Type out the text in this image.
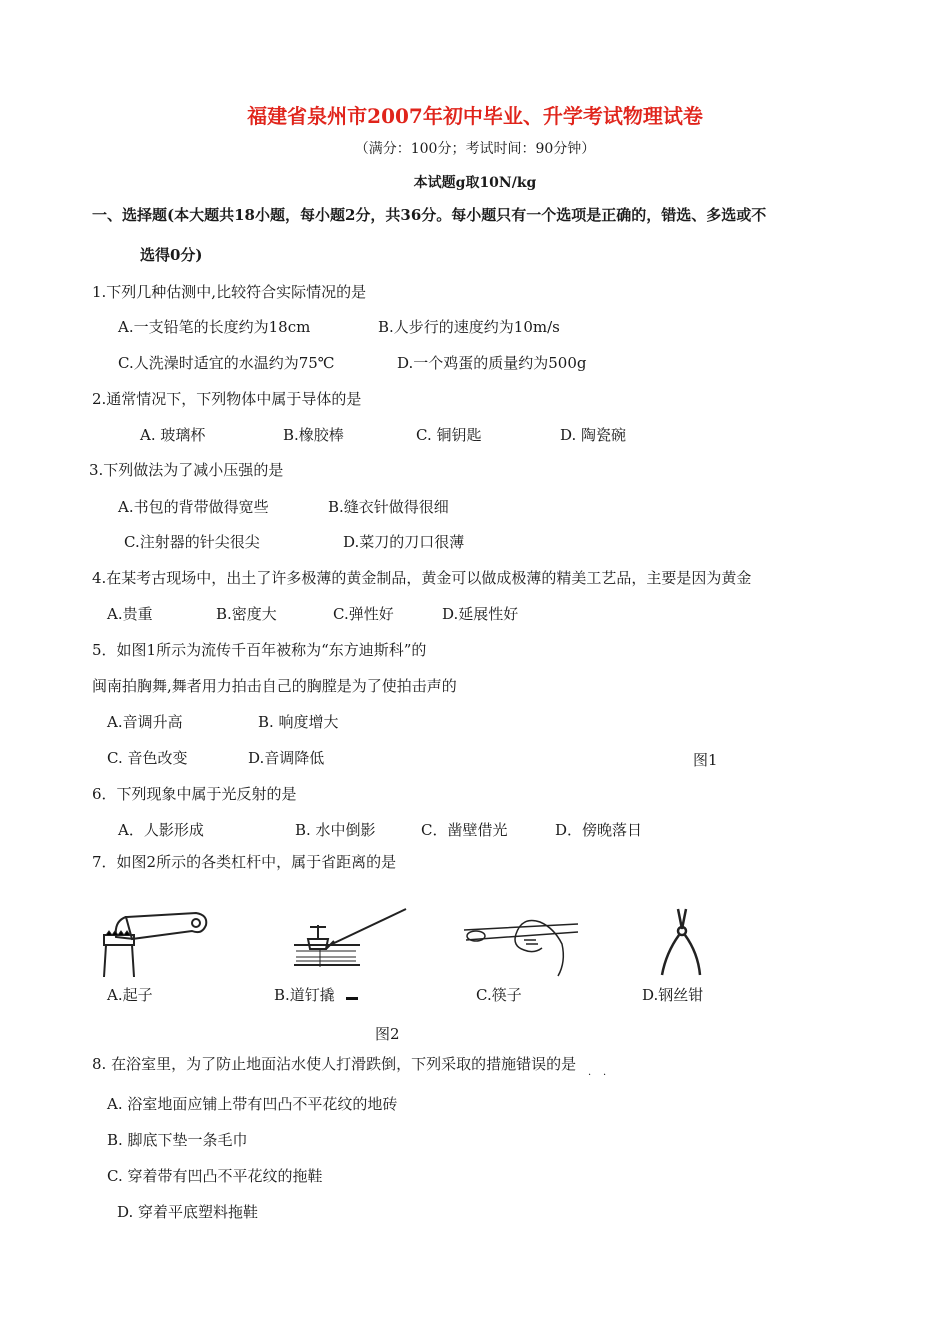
福建省泉州市2007年初中毕业、升学考试物理试卷
（满分：100分；考试时间：90分钟）
本试题g取10N/kg
一、选择题(本大题共18小题，每小题2分，共36分。每小题只有一个选项是正确的，错选、多选或不
选得0分)
1.下列几种估测中,比较符合实际情况的是
A.一支铅笔的长度约为18cm	B.人步行的速度约为10m/s
C.人洗澡时适宜的水温约为75℃	D.一个鸡蛋的质量约为500g
2.通常情况下，下列物体中属于导体的是
A. 玻璃杯	B.橡胶棒	C. 铜钥匙	D. 陶瓷碗
3.下列做法为了减小压强的是
A.书包的背带做得宽些	B.缝衣针做得很细
C.注射器的针尖很尖	D.菜刀的刀口很薄
4.在某考古现场中，出土了许多极薄的黄金制品，黄金可以做成极薄的精美工艺品，主要是因为黄金
A.贵重	B.密度大	C.弹性好	D.延展性好
5．如图1所示为流传千百年被称为“东方迪斯科”的
闽南拍胸舞,舞者用力拍击自己的胸膛是为了使拍击声的
A.音调升高	B. 响度增大
C. 音色改变	D.音调降低	图1
6．下列现象中属于光反射的是
A．人影形成	B. 水中倒影	C．凿壁借光	D．傍晚落日
7．如图2所示的各类杠杆中，属于省距离的是
A.起子	B.道钉撬	C.筷子	D.钢丝钳
图2
8. 在浴室里，为了防止地面沾水使人打滑跌倒，下列采取的措施错误的是
· ·
A. 浴室地面应铺上带有凹凸不平花纹的地砖
B. 脚底下垫一条毛巾
C. 穿着带有凹凸不平花纹的拖鞋
D. 穿着平底塑料拖鞋
